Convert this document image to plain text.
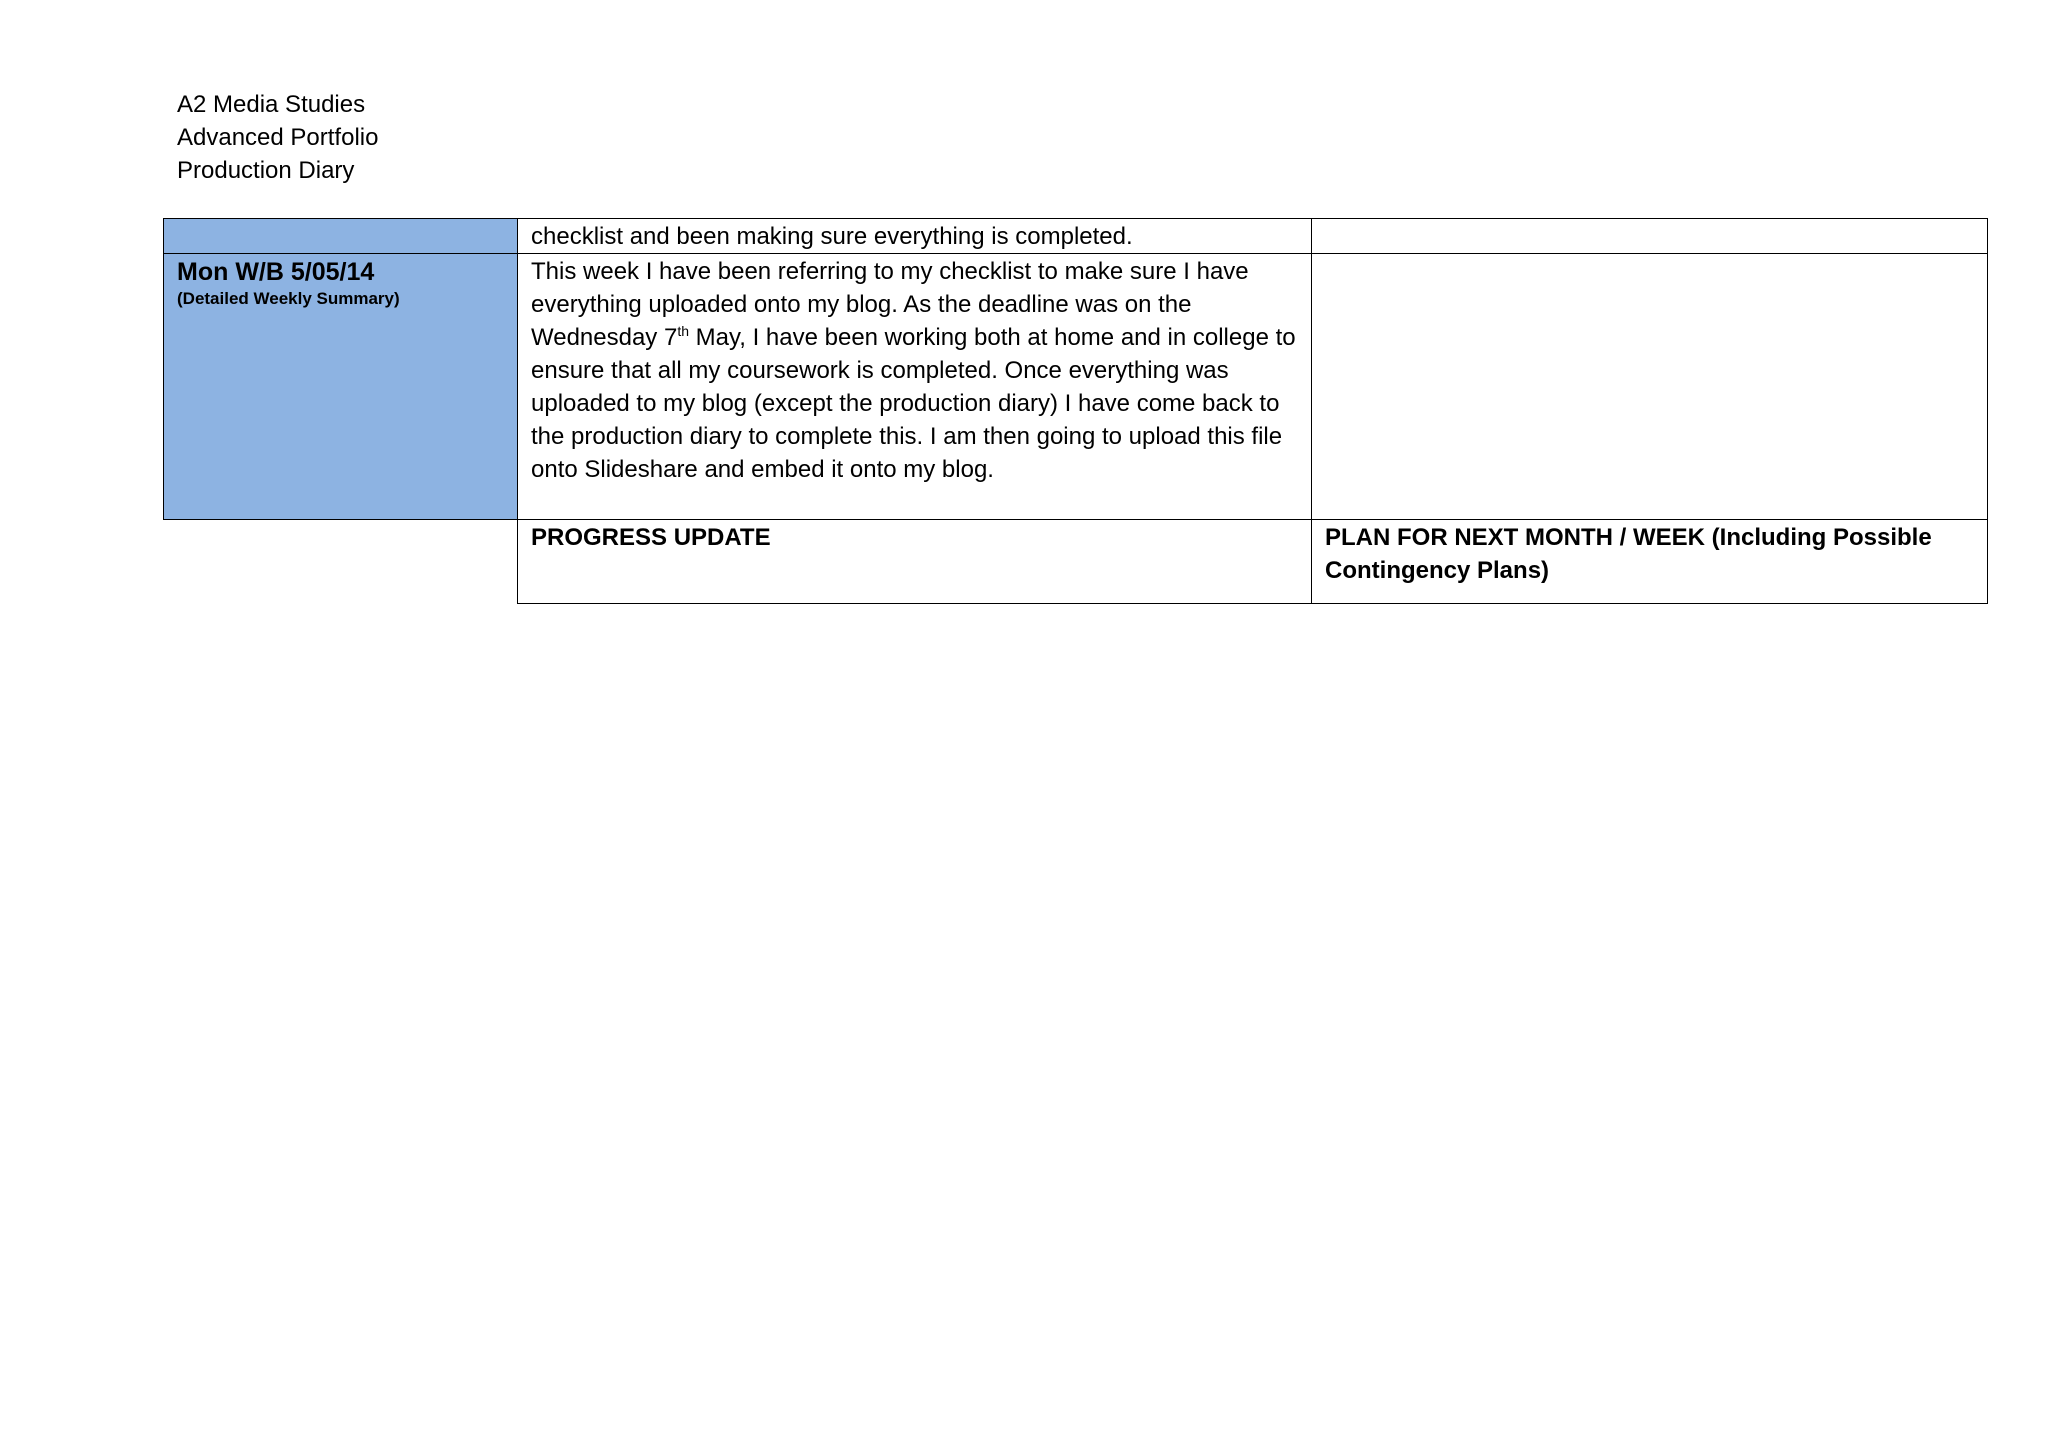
A2 Media Studies
Advanced Portfolio
Production Diary
	checklist and been making sure everything is completed.	

Mon W/B 5/05/14
(Detailed Weekly Summary)	This week I have been referring to my checklist to make sure I have everything uploaded onto my blog. As the deadline was on the Wednesday 7th May, I have been working both at home and in college to ensure that all my coursework is completed. Once everything was uploaded to my blog (except the production diary) I have come back to the production diary to complete this. I am then going to upload this file onto Slideshare and embed it onto my blog.	
	PROGRESS UPDATE	PLAN FOR NEXT MONTH / WEEK (Including Possible Contingency Plans)
